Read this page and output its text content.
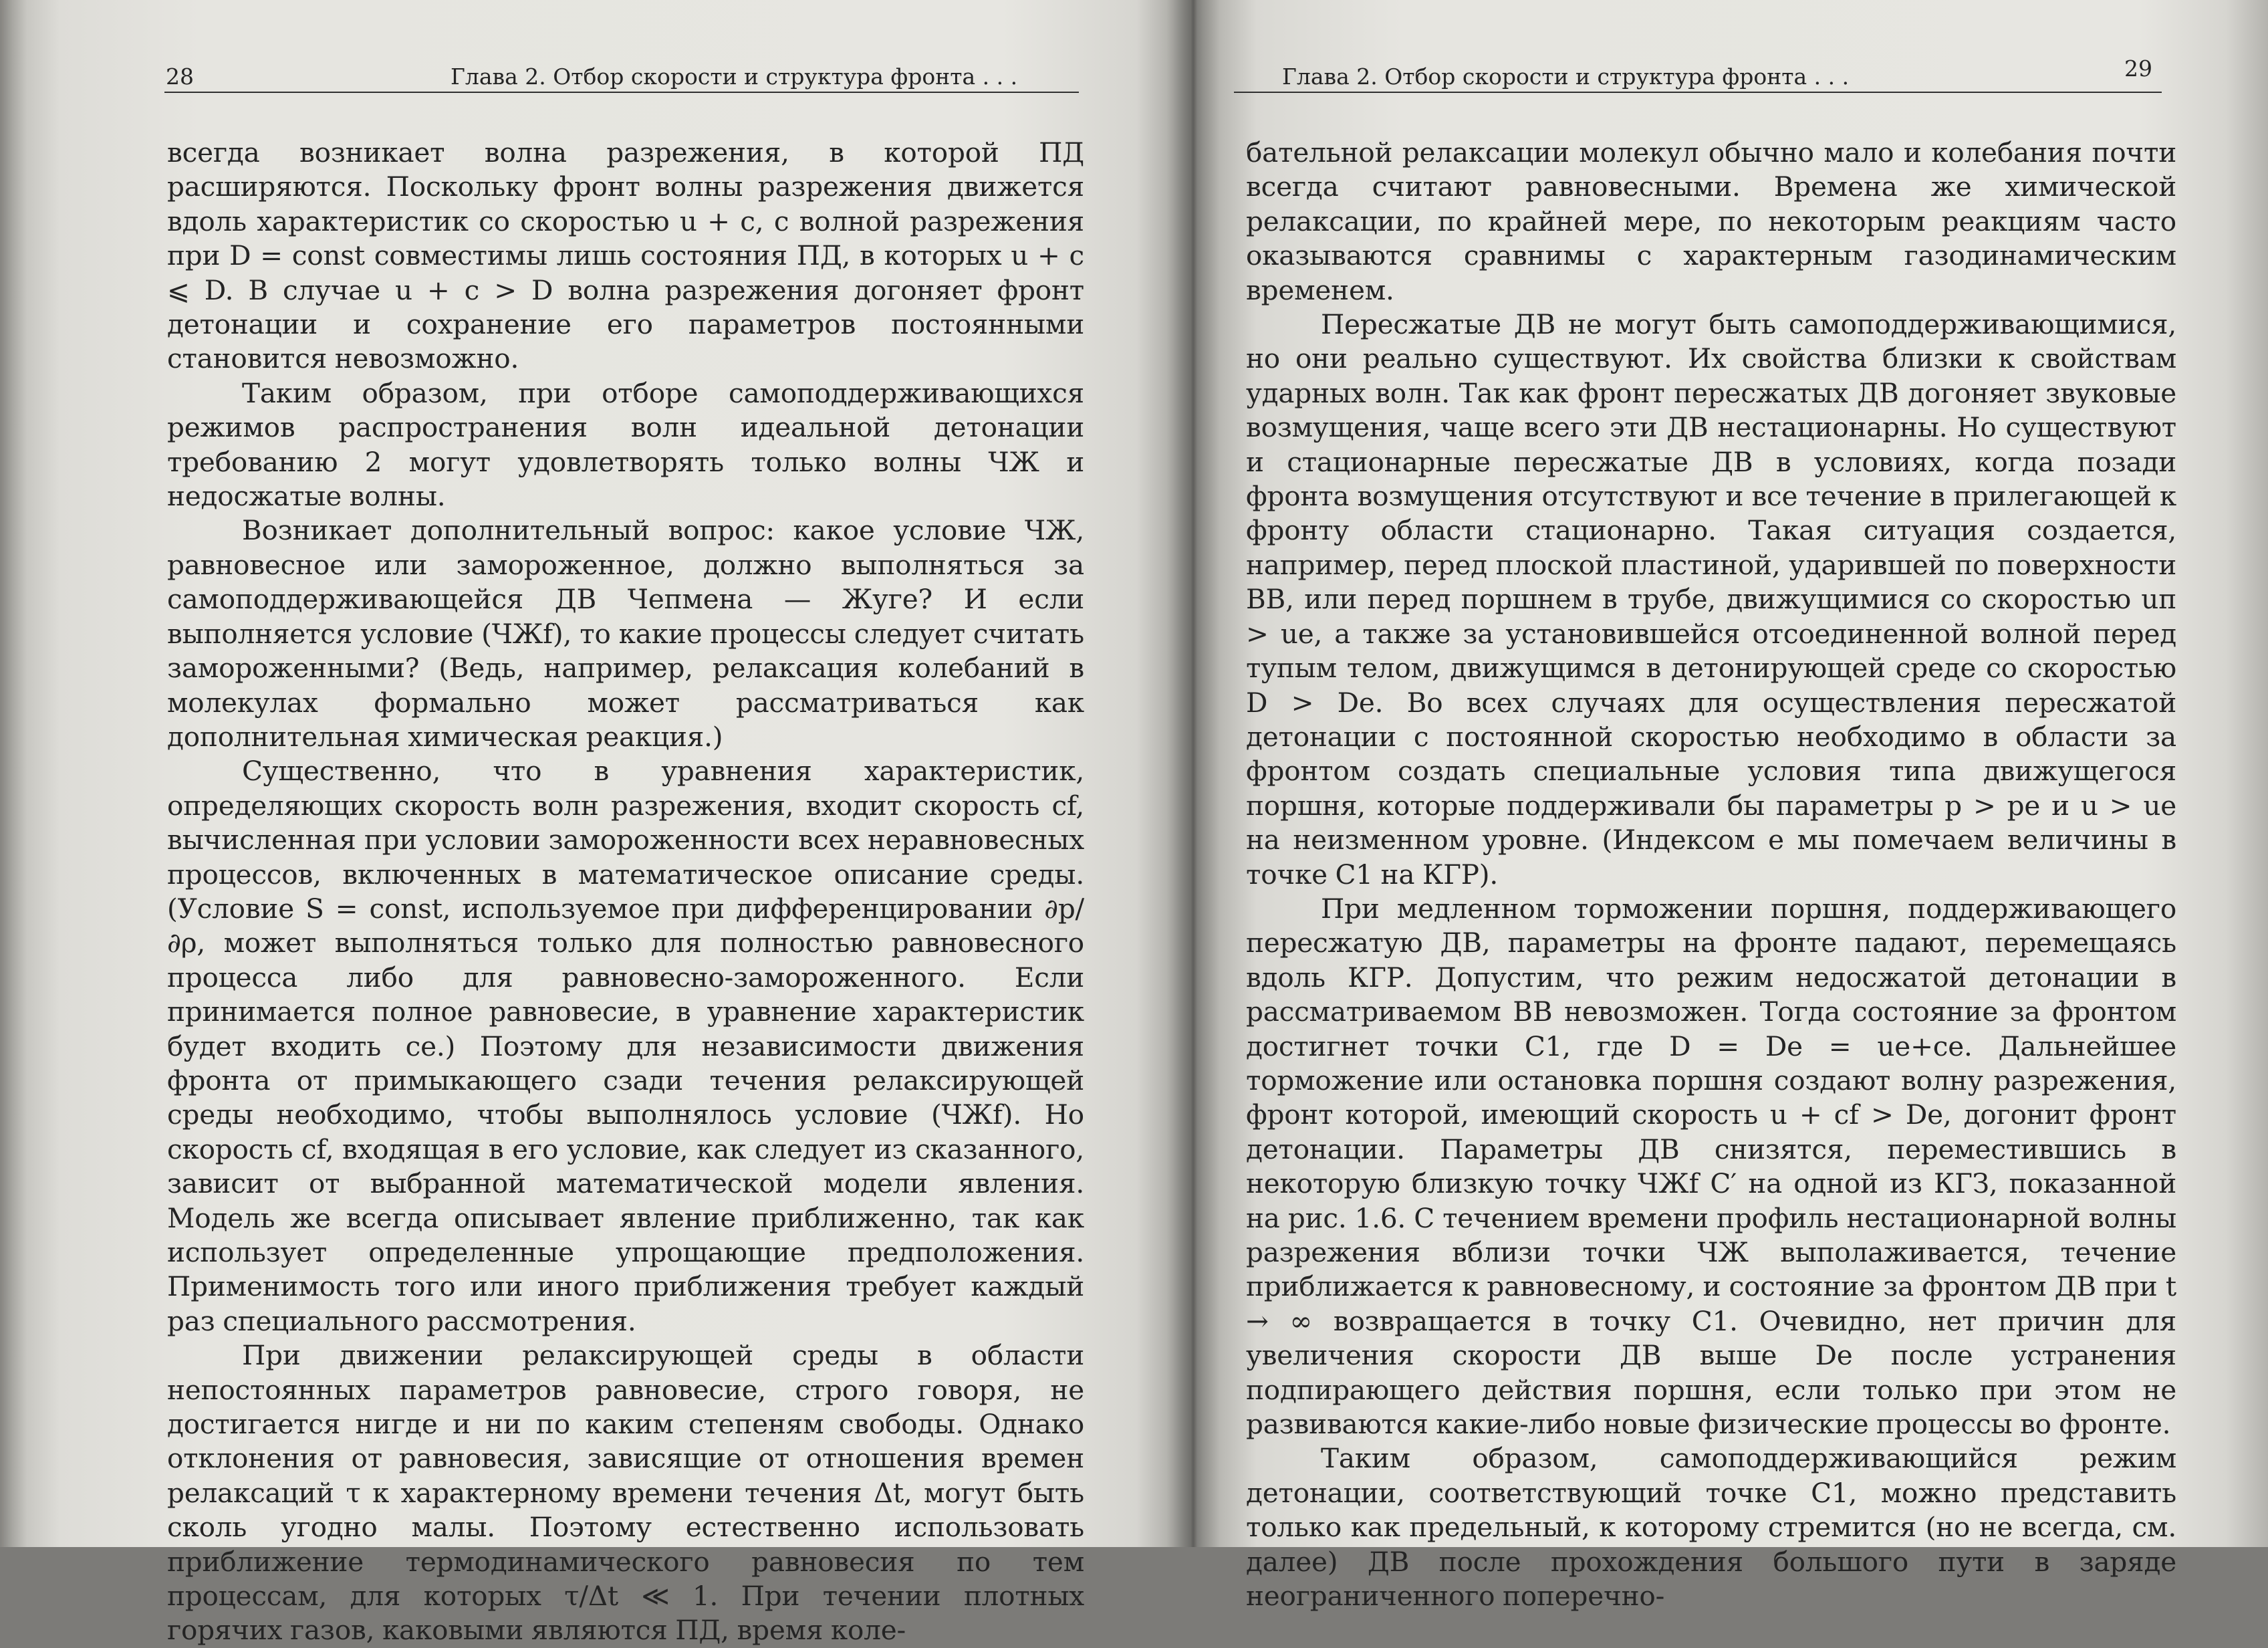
28	Глава 2. Отбор скорости и структура фронта . . .

всегда возникает волна разрежения, в которой ПД расширяются. Поскольку фронт волны разрежения движется вдоль характеристик со скоростью u + c, с волной разрежения при D = const совместимы лишь состояния ПД, в которых u + c ⩽ D. В случае u + c > D волна разрежения догоняет фронт детонации и сохранение его параметров постоянными становится невозможно.

Таким образом, при отборе самоподдерживающихся режимов распространения волн идеальной детонации требованию 2 могут удовлетворять только волны ЧЖ и недосжатые волны.

Возникает дополнительный вопрос: какое условие ЧЖ, равновесное или замороженное, должно выполняться за самоподдерживающейся ДВ Чепмена — Жуге? И если выполняется условие (ЧЖf), то какие процессы следует считать замороженными? (Ведь, например, релаксация колебаний в молекулах формально может рассматриваться как дополнительная химическая реакция.)

Существенно, что в уравнения характеристик, определяющих скорость волн разрежения, входит скорость cf, вычисленная при условии замороженности всех неравновесных процессов, включенных в математическое описание среды. (Условие S = const, используемое при дифференцировании ∂p/∂ρ, может выполняться только для полностью равновесного процесса либо для равновесно-замороженного. Если принимается полное равновесие, в уравнение характеристик будет входить ce.) Поэтому для независимости движения фронта от примыкающего сзади течения релаксирующей среды необходимо, чтобы выполнялось условие (ЧЖf). Но скорость cf, входящая в его условие, как следует из сказанного, зависит от выбранной математической модели явления. Модель же всегда описывает явление приближенно, так как использует определенные упрощающие предположения. Применимость того или иного приближения требует каждый раз специального рассмотрения.

При движении релаксирующей среды в области непостоянных параметров равновесие, строго говоря, не достигается нигде и ни по каким степеням свободы. Однако отклонения от равновесия, зависящие от отношения времен релаксаций τ к характерному времени течения Δt, могут быть сколь угодно малы. Поэтому естественно использовать приближение термодинамического равновесия по тем процессам, для которых τ/Δt ≪ 1. При течении плотных горячих газов, каковыми являются ПД, время коле-

Глава 2. Отбор скорости и структура фронта . . .	29

бательной релаксации молекул обычно мало и колебания почти всегда считают равновесными. Времена же химической релаксации, по крайней мере, по некоторым реакциям часто оказываются сравнимы с характерным газодинамическим временем.

Пересжатые ДВ не могут быть самоподдерживающимися, но они реально существуют. Их свойства близки к свойствам ударных волн. Так как фронт пересжатых ДВ догоняет звуковые возмущения, чаще всего эти ДВ нестационарны. Но существуют и стационарные пересжатые ДВ в условиях, когда позади фронта возмущения отсутствуют и все течение в прилегающей к фронту области стационарно. Такая ситуация создается, например, перед плоской пластиной, ударившей по поверхности ВВ, или перед поршнем в трубе, движущимися со скоростью uп > ue, а также за установившейся отсоединенной волной перед тупым телом, движущимся в детонирующей среде со скоростью D > De. Во всех случаях для осуществления пересжатой детонации с постоянной скоростью необходимо в области за фронтом создать специальные условия типа движущегося поршня, которые поддерживали бы параметры p > pe и u > ue на неизменном уровне. (Индексом e мы помечаем величины в точке C1 на КГР).

При медленном торможении поршня, поддерживающего пересжатую ДВ, параметры на фронте падают, перемещаясь вдоль КГР. Допустим, что режим недосжатой детонации в рассматриваемом ВВ невозможен. Тогда состояние за фронтом достигнет точки C1, где D = De = ue+ce. Дальнейшее торможение или остановка поршня создают волну разрежения, фронт которой, имеющий скорость u + cf > De, догонит фронт детонации. Параметры ДВ снизятся, переместившись в некоторую близкую точку ЧЖf C′ на одной из КГЗ, показанной на рис. 1.6. С течением времени профиль нестационарной волны разрежения вблизи точки ЧЖ выполаживается, течение приближается к равновесному, и состояние за фронтом ДВ при t → ∞ возвращается в точку C1. Очевидно, нет причин для увеличения скорости ДВ выше De после устранения подпирающего действия поршня, если только при этом не развиваются какие-либо новые физические процессы во фронте.

Таким образом, самоподдерживающийся режим детонации, соответствующий точке C1, можно представить только как предельный, к которому стремится (но не всегда, см. далее) ДВ после прохождения большого пути в заряде неограниченного поперечно-
